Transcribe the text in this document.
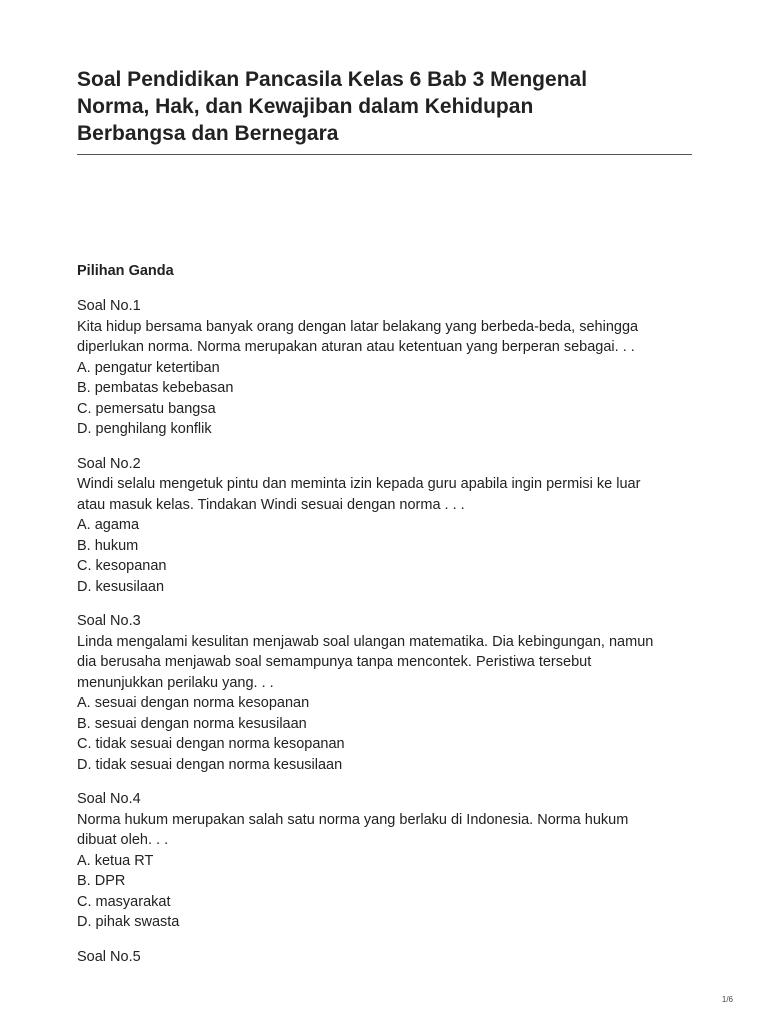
Soal Pendidikan Pancasila Kelas 6 Bab 3 Mengenal
Norma, Hak, dan Kewajiban dalam Kehidupan
Berbangsa dan Bernegara
Pilihan Ganda
Soal No.1
Kita hidup bersama banyak orang dengan latar belakang yang berbeda-beda, sehingga
diperlukan norma. Norma merupakan aturan atau ketentuan yang berperan sebagai. . .
A. pengatur ketertiban
B. pembatas kebebasan
C. pemersatu bangsa
D. penghilang konflik
Soal No.2
Windi selalu mengetuk pintu dan meminta izin kepada guru apabila ingin permisi ke luar
atau masuk kelas. Tindakan Windi sesuai dengan norma . . .
A. agama
B. hukum
C. kesopanan
D. kesusilaan
Soal No.3
Linda mengalami kesulitan menjawab soal ulangan matematika. Dia kebingungan, namun
dia berusaha menjawab soal semampunya tanpa mencontek. Peristiwa tersebut
menunjukkan perilaku yang. . .
A. sesuai dengan norma kesopanan
B. sesuai dengan norma kesusilaan
C. tidak sesuai dengan norma kesopanan
D. tidak sesuai dengan norma kesusilaan
Soal No.4
Norma hukum merupakan salah satu norma yang berlaku di Indonesia. Norma hukum
dibuat oleh. . .
A. ketua RT
B. DPR
C. masyarakat
D. pihak swasta
Soal No.5
1/6
